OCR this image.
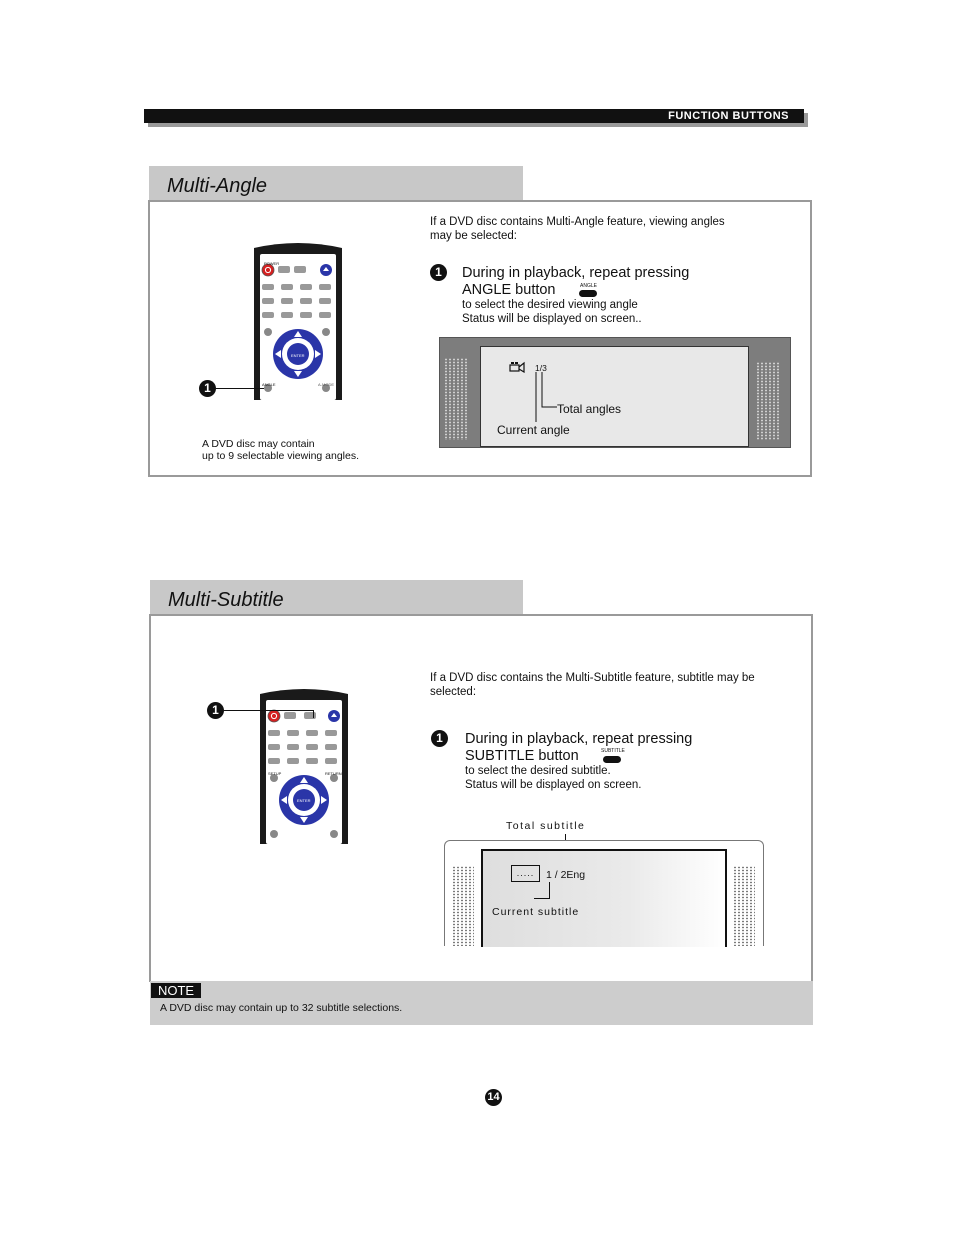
FUNCTION BUTTONS
Multi-Angle
POWER
ENTER
A-MODE
ANGLE
1
A DVD disc may contain
up to 9 selectable viewing angles.
If a DVD disc contains Multi-Angle feature, viewing angles
may be selected:
1	During in playback, repeat pressing
ANGLE button	ANGLE
to select the desired viewing angle
Status will be displayed on screen..
1/3
Total angles
Current angle
Multi-Subtitle
SETUP	RETURN
ENTER
1
If a DVD disc contains the Multi-Subtitle feature, subtitle may be
selected:
1	During in playback, repeat pressing
SUBTITLE button	SUBTITLE
to select the desired subtitle.
Status will be displayed on screen.
Total subtitle
.....	1 / 2Eng
Current subtitle
NOTE
A DVD disc may contain up to 32 subtitle selections.
14
